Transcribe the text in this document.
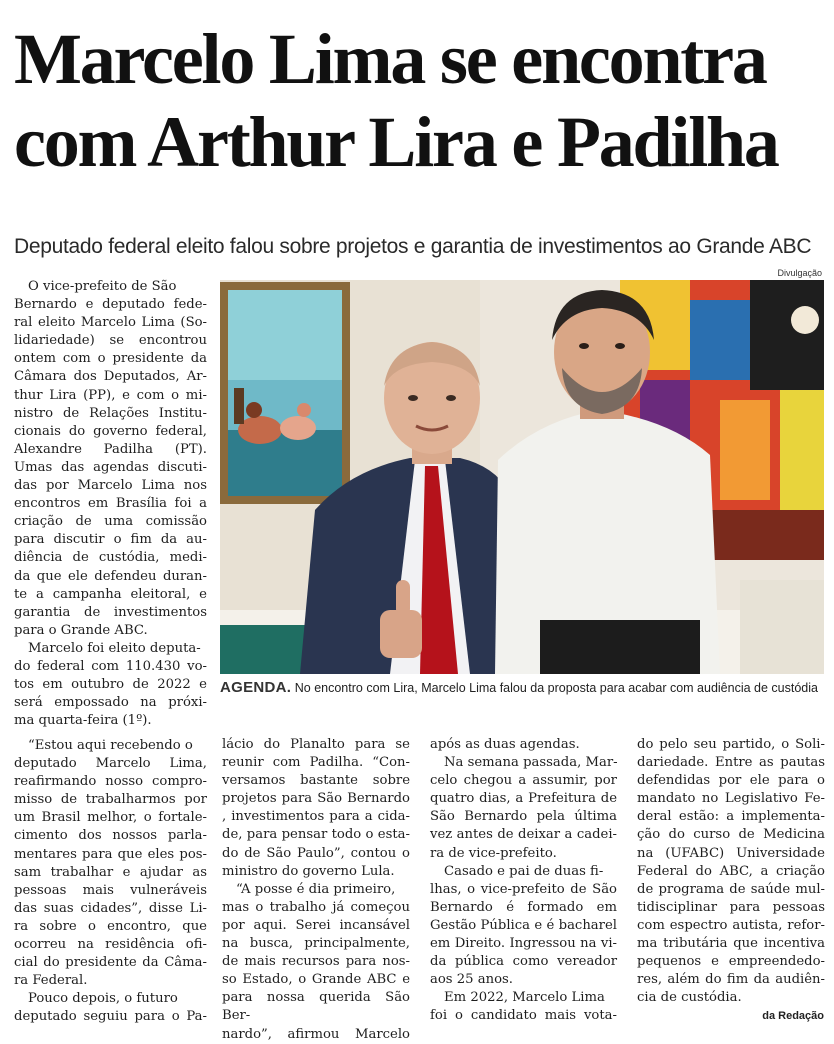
Marcelo Lima se encontra
com Arthur Lira e Padilha
Deputado federal eleito falou sobre projetos e garantia de investimentos ao Grande ABC
Divulgação
AGENDA. No encontro com Lira, Marcelo Lima falou da proposta para acabar com audiência de custódia

O vice-prefeito de São
Bernardo e deputado fede-
ral eleito Marcelo Lima (So-
lidariedade) se encontrou
ontem com o presidente da
Câmara dos Deputados, Ar-
thur Lira (PP), e com o mi-
nistro de Relações Institu-
cionais do governo federal,
Alexandre Padilha (PT).
Umas das agendas discuti-
das por Marcelo Lima nos
encontros em Brasília foi a
criação de uma comissão
para discutir o fim da au-
diência de custódia, medi-
da que ele defendeu duran-
te a campanha eleitoral, e
garantia de investimentos
para o Grande ABC.

Marcelo foi eleito deputa-
do federal com 110.430 vo-
tos em outubro de 2022 e
será empossado na próxi-
ma quarta-feira (1º).

“Estou aqui recebendo o
deputado Marcelo Lima,
reafirmando nosso compro-
misso de trabalharmos por
um Brasil melhor, o fortale-
cimento dos nossos parla-
mentares para que eles pos-
sam trabalhar e ajudar as
pessoas mais vulneráveis
das suas cidades”, disse Li-
ra sobre o encontro, que
ocorreu na residência ofi-
cial do presidente da Câma-
ra Federal.

Pouco depois, o futuro
deputado seguiu para o Pa-

lácio do Planalto para se
reunir com Padilha. “Con-
versamos bastante sobre
projetos para São Bernardo
, investimentos para a cida-
de, para pensar todo o esta-
do de São Paulo”, contou o
ministro do governo Lula.

“A posse é dia primeiro,
mas o trabalho já começou
por aqui. Serei incansável
na busca, principalmente,
de mais recursos para nos-
so Estado, o Grande ABC e
para nossa querida São Ber-
nardo”, afirmou Marcelo

após as duas agendas.

Na semana passada, Mar-
celo chegou a assumir, por
quatro dias, a Prefeitura de
São Bernardo pela última
vez antes de deixar a cadei-
ra de vice-prefeito.

Casado e pai de duas fi-
lhas, o vice-prefeito de São
Bernardo é formado em
Gestão Pública e é bacharel
em Direito. Ingressou na vi-
da pública como vereador
aos 25 anos.

Em 2022, Marcelo Lima
foi o candidato mais vota-

do pelo seu partido, o Soli-
dariedade. Entre as pautas
defendidas por ele para o
mandato no Legislativo Fe-
deral estão: a implementa-
ção do curso de Medicina
na (UFABC) Universidade
Federal do ABC, a criação
de programa de saúde mul-
tidisciplinar para pessoas
com espectro autista, refor-
ma tributária que incentiva
pequenos e empreendedo-
res, além do fim da audiên-
cia de custódia.

da Redação
